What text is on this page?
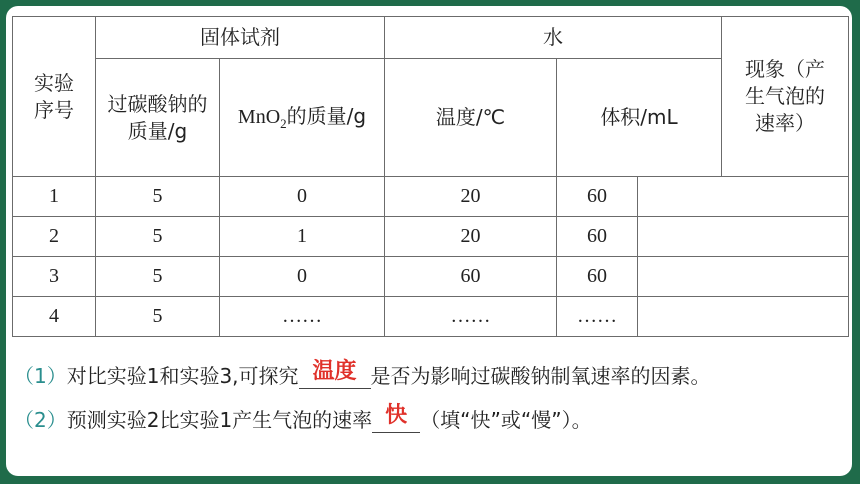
实验序号	固体试剂		水			现象（产生气泡的速率）
	过碳酸钠的质量/g	MnO$_2$的质量/g	温度/℃	体积/mL		
1	5	0	20	60		
2	5	1	20	60		
3	5	0	60	60		
4	5	……	……	……		
（1）对比实验1和实验3,可探究 温度 是否为影响过碳酸钠制氧速率的因素。
（2）预测实验2比实验1产生气泡的速率 快 （填“快”或“慢”）。
